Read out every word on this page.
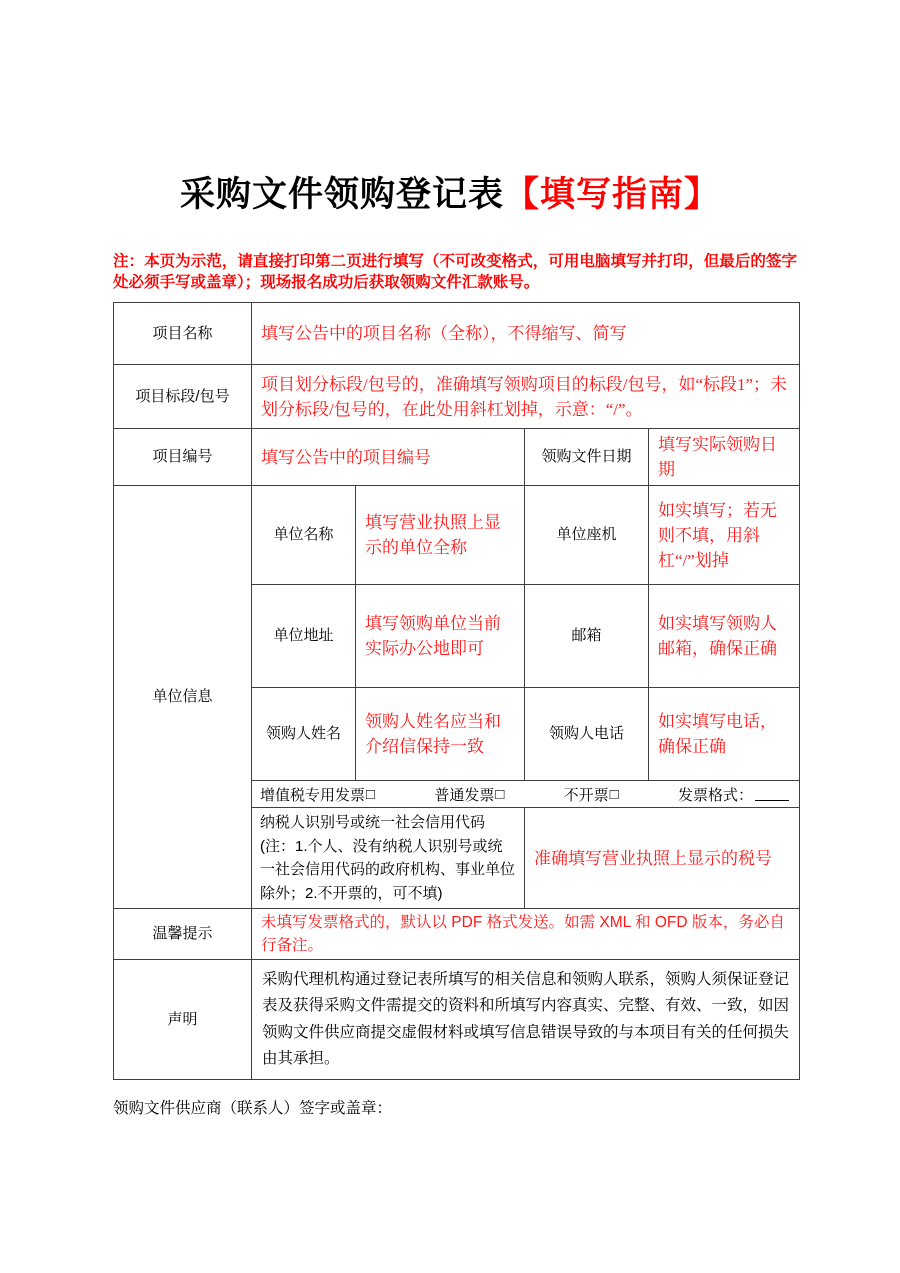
采购文件领购登记表【填写指南】
注：本页为示范，请直接打印第二页进行填写（不可改变格式，可用电脑填写并打印，但最后的签字处必须手写或盖章）；现场报名成功后获取领购文件汇款账号。
项目名称	填写公告中的项目名称（全称），不得缩写、简写			
项目标段/包号	项目划分标段/包号的，准确填写领购项目的标段/包号，如“标段1”；未划分标段/包号的，在此处用斜杠划掉，示意：“/”。			
项目编号	填写公告中的项目编号		领购文件日期	填写实际领购日期
单位信息	单位名称	填写营业执照上显示的单位全称	单位座机	如实填写；若无则不填，用斜杠“/”划掉
	单位地址	填写领购单位当前实际办公地即可	邮箱	如实填写领购人邮箱，确保正确
	领购人姓名	领购人姓名应当和介绍信保持一致	领购人电话	如实填写电话，确保正确

增值税专用发票 □	普通发票 □	不开票 □	发票格式：

	纳税人识别号或统一社会信用代码 (注：1.个人、没有纳税人识别号或统一社会信用代码的政府机构、事业单位除外；2.不开票的，可不填)		准确填写营业执照上显示的税号	
温馨提示	未填写发票格式的，默认以 PDF 格式发送。如需 XML 和 OFD 版本，务必自行备注。			
声明	采购代理机构通过登记表所填写的相关信息和领购人联系，领购人须保证登记表及获得采购文件需提交的资料和所填写内容真实、完整、有效、一致，如因领购文件供应商提交虚假材料或填写信息错误导致的与本项目有关的任何损失由其承担。			
领购文件供应商（联系人）签字或盖章：
